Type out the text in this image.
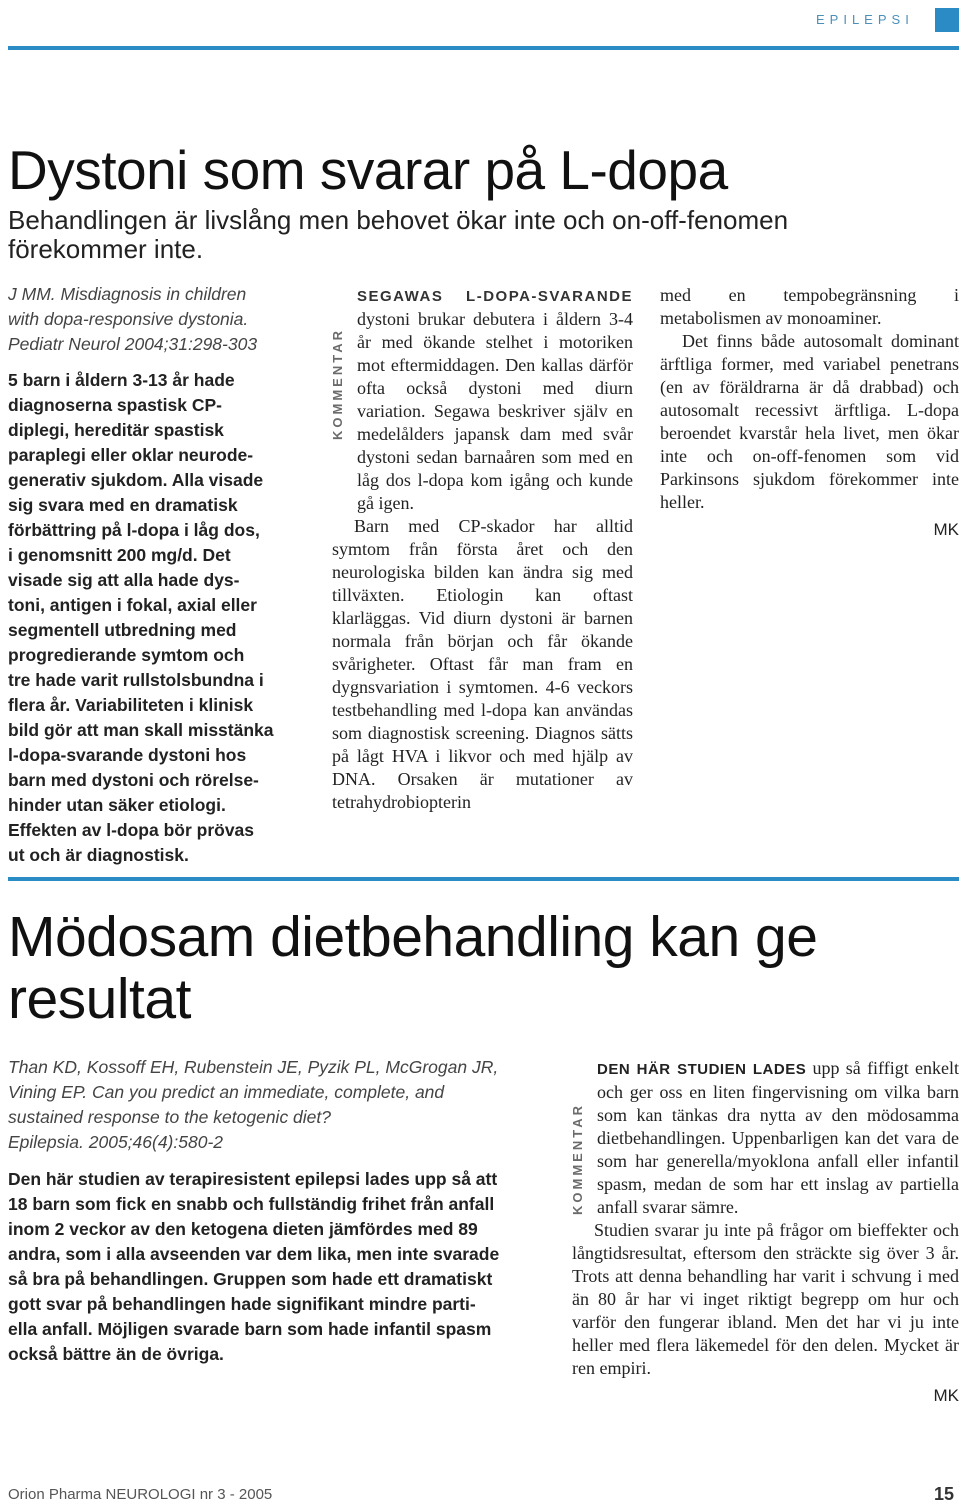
EPILEPSI
Dystoni som svarar på L-dopa

Behandlingen är livslång men behovet ökar inte och on-off-fenomen förekommer inte.

J MM. Misdiagnosis in children
with dopa-responsive dystonia.
Pediatr Neurol 2004;31:298-303
5 barn i åldern 3-13 år hade
diagnoserna spastisk CP-
diplegi, hereditär spastisk
paraplegi eller oklar neurode-
generativ sjukdom. Alla visade
sig svara med en dramatisk
förbättring på l-dopa i låg dos,
i genomsnitt 200 mg/d. Det
visade sig att alla hade dys-
toni, antigen i fokal, axial eller
segmentell utbredning med
progredierande symtom och
tre hade varit rullstolsbundna i
flera år. Variabiliteten i klinisk
bild gör att man skall misstänka
l-dopa-svarande dystoni hos
barn med dystoni och rörelse-
hinder utan säker etiologi.
Effekten av l-dopa bör prövas
ut och är diagnostisk.
KOMMENTAR

SEGAWAS L-DOPA-SVARANDE dystoni brukar debutera i åldern 3-4 år med ökande stelhet i motoriken mot eftermiddagen. Den kallas därför ofta också dystoni med diurn variation. Segawa beskriver själv en medelålders japansk dam med svår dystoni sedan barnaåren som med en låg dos l-dopa kom igång och kunde gå igen.

Barn med CP-skador har alltid symtom från första året och den neurologiska bilden kan ändra sig med tillväxten. Etiologin kan oftast klarläggas. Vid diurn dystoni är barnen normala från början och får ökande svårigheter. Oftast får man fram en dygnsvariation i symtomen. 4-6 veckors testbehandling med l-dopa kan användas som diagnostisk screening. Diagnos sätts på lågt HVA i likvor och med hjälp av DNA. Orsaken är mutationer av tetrahydrobiopterin

med en tempobegränsning i metabolismen av monoaminer.

Det finns både autosomalt dominant ärftliga former, med variabel penetrans (en av föräldrarna är då drabbad) och autosomalt recessivt ärftliga. L-dopa beroendet kvarstår hela livet, men ökar inte och on-off-fenomen som vid Parkinsons sjukdom förekommer inte heller.

MK
Mödosam dietbehandling kan ge resultat
Than KD, Kossoff EH, Rubenstein JE, Pyzik PL, McGrogan JR,
Vining EP. Can you predict an immediate, complete, and
sustained response to the ketogenic diet?
Epilepsia. 2005;46(4):580-2
Den här studien av terapiresistent epilepsi lades upp så att
18 barn som fick en snabb och fullständig frihet från anfall
inom 2 veckor av den ketogena dieten jämfördes med 89
andra, som i alla avseenden var dem lika, men inte svarade
så bra på behandlingen. Gruppen som hade ett dramatiskt
gott svar på behandlingen hade signifikant mindre parti-
ella anfall. Möjligen svarade barn som hade infantil spasm
också bättre än de övriga.
KOMMENTAR

DEN HÄR STUDIEN LADES upp så fiffigt enkelt och ger oss en liten fingervisning om vilka barn som kan tänkas dra nytta av den mödosamma dietbehandlingen. Uppenbarligen kan det vara de som har generella/myoklona anfall eller infantil spasm, medan de som har ett inslag av partiella anfall svarar sämre.

Studien svarar ju inte på frågor om bieffekter och långtidsresultat, eftersom den sträckte sig över 3 år. Trots att denna behandling har varit i schvung i med än 80 år har vi inget riktigt begrepp om hur och varför den fungerar ibland. Men det har vi ju inte heller med flera läkemedel för den delen. Mycket är ren empiri.

MK
Orion Pharma NEUROLOGI nr 3 - 2005	15
